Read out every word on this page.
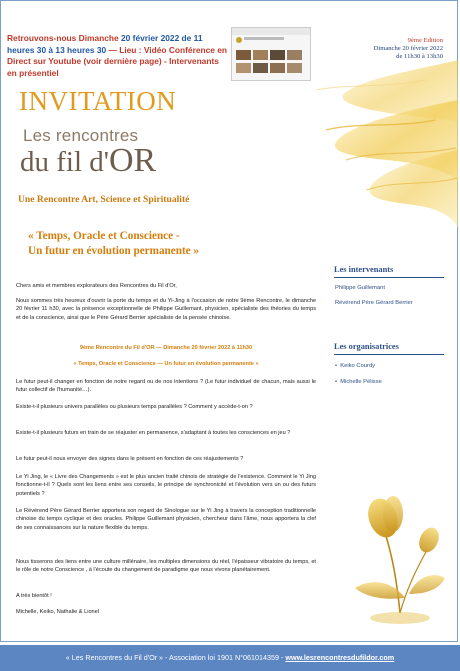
Retrouvons-nous Dimanche 20 février 2022 de 11 heures 30 à 13 heures 30 — Lieu : Vidéo Conférence en Direct sur Youtube (voir dernière page) - Intervenants en présentiel
9ème Edition
Dimanche 20 février 2022
de 11h30 à 13h30
INVITATION
Les rencontres
du fil d'OR
Une Rencontre Art, Science et Spiritualité
« Temps, Oracle et Conscience -
Un futur en évolution permanente »
Chers amis et membres explorateurs des Rencontres du Fil d'Or,
Nous sommes très heureux d'ouvrir la porte du temps et du Yi-Jing à l'occasion de notre 9ème Rencontre, le dimanche 20 février 11 h30, avec la présence exceptionnelle de Philippe Guillemant, physicien, spécialiste des théories du temps et de la conscience, ainsi que le Père Gérard Berrier spécialiste de la pensée chinoise.
9ème Rencontre du Fil d'OR — Dimanche 20 février 2022 à 11h30
« Temps, Oracle et Conscience — Un futur en évolution permanente »
Le futur peut-il changer en fonction de notre regard ou de nos intentions ? (Le futur individuel de chacun, mais aussi le futur collectif de l'humanité…).
Existe-t-il plusieurs univers parallèles ou plusieurs temps parallèles ? Comment y accède-t-on ?
Existe-t-il plusieurs futurs en train de se réajuster en permanence, s'adaptant à toutes les consciences en jeu ?
Le futur peut-il nous envoyer des signes dans le présent en fonction de ces réajustements ?
Le Yi Jing, le « Livre des Changements » est le plus ancien traité chinois de stratégie de l'existence. Comment le Yi Jing fonctionne-t-il ? Quels sont les liens entre ses conseils, le principe de synchronicité et l'évolution vers un ou des futurs potentiels ?
Le Révérend Père Gérard Berrier apportera son regard de Sinologue sur le Yi Jing à travers la conception traditionnelle chinoise du temps cyclique et des oracles. Philippe Guillemant physicien, chercheur dans l'âme, nous apportera la clef de ses connaissances sur la nature flexible du temps.
Nous tisserons des liens entre une culture millénaire, les multiples dimensions du réel, l'épaisseur vibratoire du temps, et le rôle de notre Conscience , à l'écoute du changement de paradigme que nous vivons planétairement.
A très bientôt !
Michelle, Keiko, Nathalie & Lionel
Les intervenants
Philippe Guillemant
Révérend Père Gérard Berrier
Les organisatrices
•  Keiko Courdy
•  Michelle Pélisse
« Les Rencontres du Fil d'Or » - Association loi 1901 N°061014359 - www.lesrencontresdufildor.com
